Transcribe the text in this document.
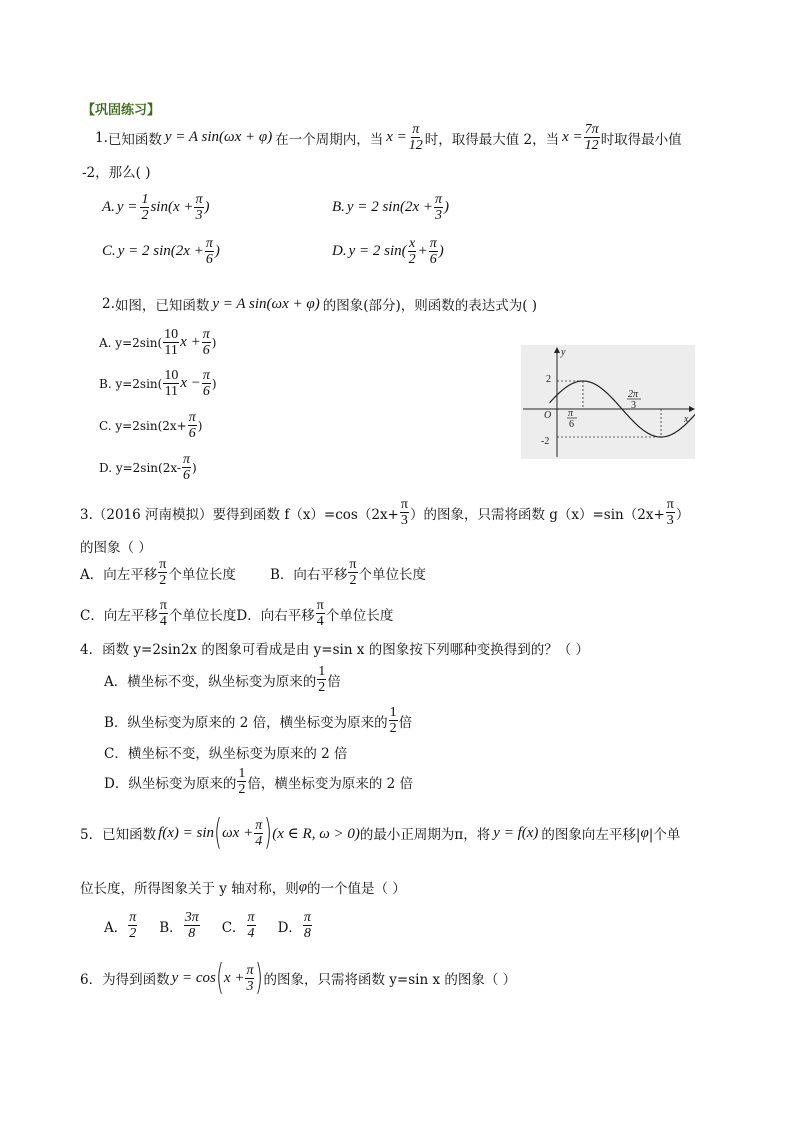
【巩固练习】
1. 已知函数 y = A sin(ωx + φ) 在一个周期内，当 $x = \frac{\pi}{12}$ 时，取得最大值 2，当 $x = \frac{7\pi}{12}$ 时取得最小值
-2，那么( )
A. $y = \frac{1}{2} \sin(x + \frac{\pi}{3}$ )	B. y = 2 $\sin(2x + \frac{\pi}{3}$ )
C. y = 2 $\sin(2x + \frac{\pi}{6}$ )	D. y = 2 sin( x
2
+ $\frac{\pi}{6}$ )
2. 如图，已知函数 y = A sin(ωx + φ) 的图象(部分)，则函数的表达式为( )
A. y=2sin(
10
11
$x + \frac{\pi}{6}$ )
B. y=2sin(
10
11
$x - \frac{\pi}{6}$ )
C. $y=2\sin(2x+ \frac{\pi}{6}$ )
D. y=2sin(2x-
π
6
)
y
x
O
2
-2
π
6
2π
3
3.（2016 河南模拟）要得到函数 $f(x)=\cos(2x+ \frac{\pi}{3}$ ）的图象，只需将函数 $g(x)=\sin(2x+ \frac{\pi}{3}$ ）
的图象（ ）
A．向左平移
π
2 个单位长度	B．向右平移
π
2 个单位长度
C．向左平移
π
4 个单位长度 D．向右平移
π
4 个单位长度
4．函数 y=2sin2x 的图象可看成是由 y=sin x 的图象按下列哪种变换得到的？（ ）
A．横坐标不变，纵坐标变为原来的
1
2 倍
B．纵坐标变为原来的 2 倍，横坐标变为原来的
1
2 倍
C．横坐标不变，纵坐标变为原来的 2 倍
D．纵坐标变为原来的
1
2 倍，横坐标变为原来的 2 倍
5．已知函数 f(x) = sin ( $\omega x + \frac{\pi}{4}$ ) (x ∈ R, ω > 0) 的最小正周期为π，将 y = f(x) 的图象向左平移| φ |个单
位长度，所得图象关于 y 轴对称，则 φ 的一个值是（ ）
A．
π
2 B．
3π
8 C．
π
4 D．
π
8
6．为得到函数 y = cos ( $x + \frac{\pi}{3}$ ) 的图象，只需将函数 y=sin x 的图象（ ）
